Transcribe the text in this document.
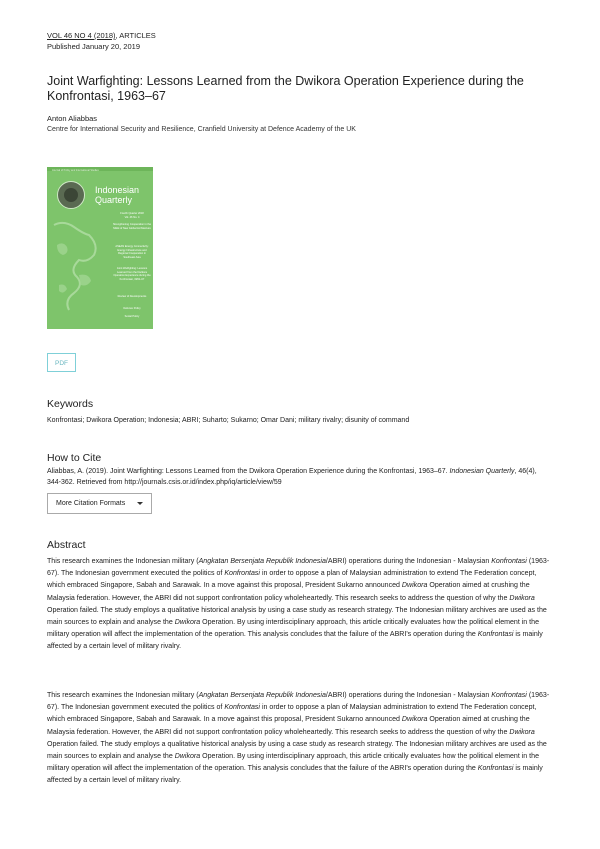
VOL 46 NO 4 (2018), ARTICLES
Published January 20, 2019
Joint Warfighting: Lessons Learned from the Dwikora Operation Experience during the Konfrontasi, 1963–67
Anton Aliabbas
Centre for International Security and Resilience, Cranfield University at Defence Academy of the UK
Journal of Policy and International Studies
Indonesian
Quarterly
Fourth Quarter 2018
Vol. 46 No. 4
Strengthening Cooperation in the Midst of New Global Architecture
ASEAN Energy Connectivity: Energy Infrastructure and Regional Cooperation in Southeast Asia
Joint Warfighting: Lessons Learned from the Dwikora Operation Experience during the Konfrontasi, 1963–67
Review of Developments
Defence Policy
Social Policy
PDF
Keywords
Konfrontasi; Dwikora Operation; Indonesia; ABRI; Suharto; Sukarno; Omar Dani; military rivalry; disunity of command
How to Cite
Aliabbas, A. (2019). Joint Warfighting: Lessons Learned from the Dwikora Operation Experience during the Konfrontasi, 1963–67. Indonesian Quarterly, 46(4), 344-362. Retrieved from http://journals.csis.or.id/index.php/iq/article/view/59
More Citation Formats
Abstract

This research examines the Indonesian military (Angkatan Bersenjata Republik Indonesia/ABRI) operations during the Indonesian - Malaysian Konfrontasi (1963-67). The Indonesian government executed the politics of Konfrontasi in order to oppose a plan of Malaysian administration to extend The Federation concept, which embraced Singapore, Sabah and Sarawak. In a move against this proposal, President Sukarno announced Dwikora Operation aimed at crushing the Malaysia federation. However, the ABRI did not support confrontation policy wholeheartedly. This research seeks to address the question of why the Dwikora Operation failed. The study employs a qualitative historical analysis by using a case study as research strategy. The Indonesian military archives are used as the main sources to explain and analyse the Dwikora Operation. By using interdisciplinary approach, this article critically evaluates how the political element in the military operation will affect the implementation of the operation. This analysis concludes that the failure of the ABRI's operation during the Konfrontasi is mainly affected by a certain level of military rivalry.

This research examines the Indonesian military (Angkatan Bersenjata Republik Indonesia/ABRI) operations during the Indonesian - Malaysian Konfrontasi (1963-67). The Indonesian government executed the politics of Konfrontasi in order to oppose a plan of Malaysian administration to extend The Federation concept, which embraced Singapore, Sabah and Sarawak. In a move against this proposal, President Sukarno announced Dwikora Operation aimed at crushing the Malaysia federation. However, the ABRI did not support confrontation policy wholeheartedly. This research seeks to address the question of why the Dwikora Operation failed. The study employs a qualitative historical analysis by using a case study as research strategy. The Indonesian military archives are used as the main sources to explain and analyse the Dwikora Operation. By using interdisciplinary approach, this article critically evaluates how the political element in the military operation will affect the implementation of the operation. This analysis concludes that the failure of the ABRI's operation during the Konfrontasi is mainly affected by a certain level of military rivalry.
